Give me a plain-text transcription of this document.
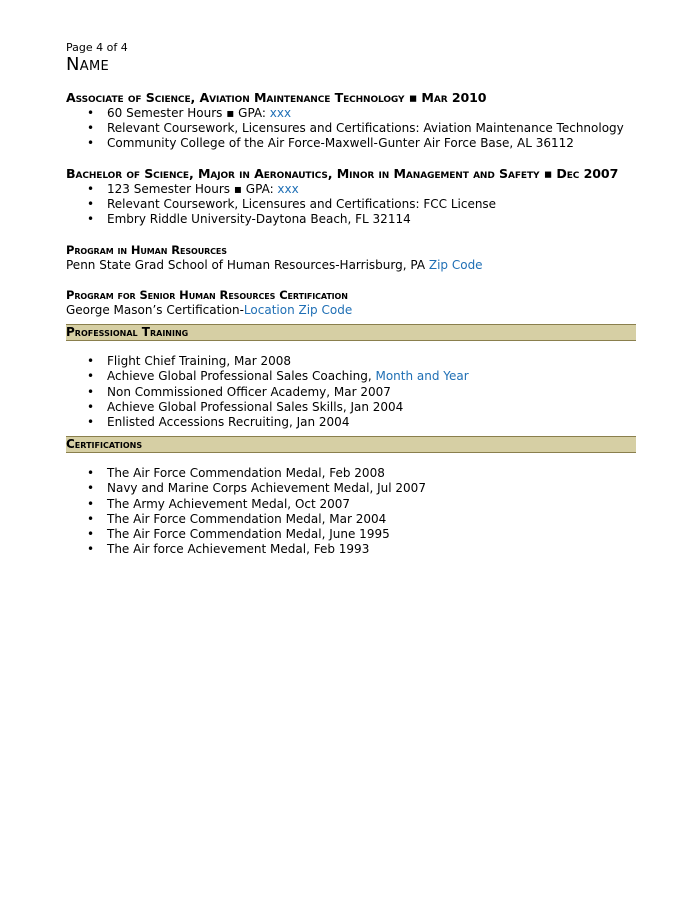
Page 4 of 4
Name
Associate of Science, Aviation Maintenance Technology ▪ Mar 2010
• 60 Semester Hours ▪ GPA: xxx
• Relevant Coursework, Licensures and Certifications: Aviation Maintenance Technology
• Community College of the Air Force-Maxwell-Gunter Air Force Base, AL 36112
Bachelor of Science, Major in Aeronautics, Minor in Management and Safety ▪ Dec 2007
• 123 Semester Hours ▪ GPA: xxx
• Relevant Coursework, Licensures and Certifications: FCC License
• Embry Riddle University-Daytona Beach, FL 32114
Program in Human Resources
Penn State Grad School of Human Resources-Harrisburg, PA Zip Code
Program for Senior Human Resources Certification
George Mason’s Certification-Location Zip Code
Professional Training
• Flight Chief Training, Mar 2008
• Achieve Global Professional Sales Coaching, Month and Year
• Non Commissioned Officer Academy, Mar 2007
• Achieve Global Professional Sales Skills, Jan 2004
• Enlisted Accessions Recruiting, Jan 2004
Certifications
• The Air Force Commendation Medal, Feb 2008
• Navy and Marine Corps Achievement Medal, Jul 2007
• The Army Achievement Medal, Oct 2007
• The Air Force Commendation Medal, Mar 2004
• The Air Force Commendation Medal, June 1995
• The Air force Achievement Medal, Feb 1993
